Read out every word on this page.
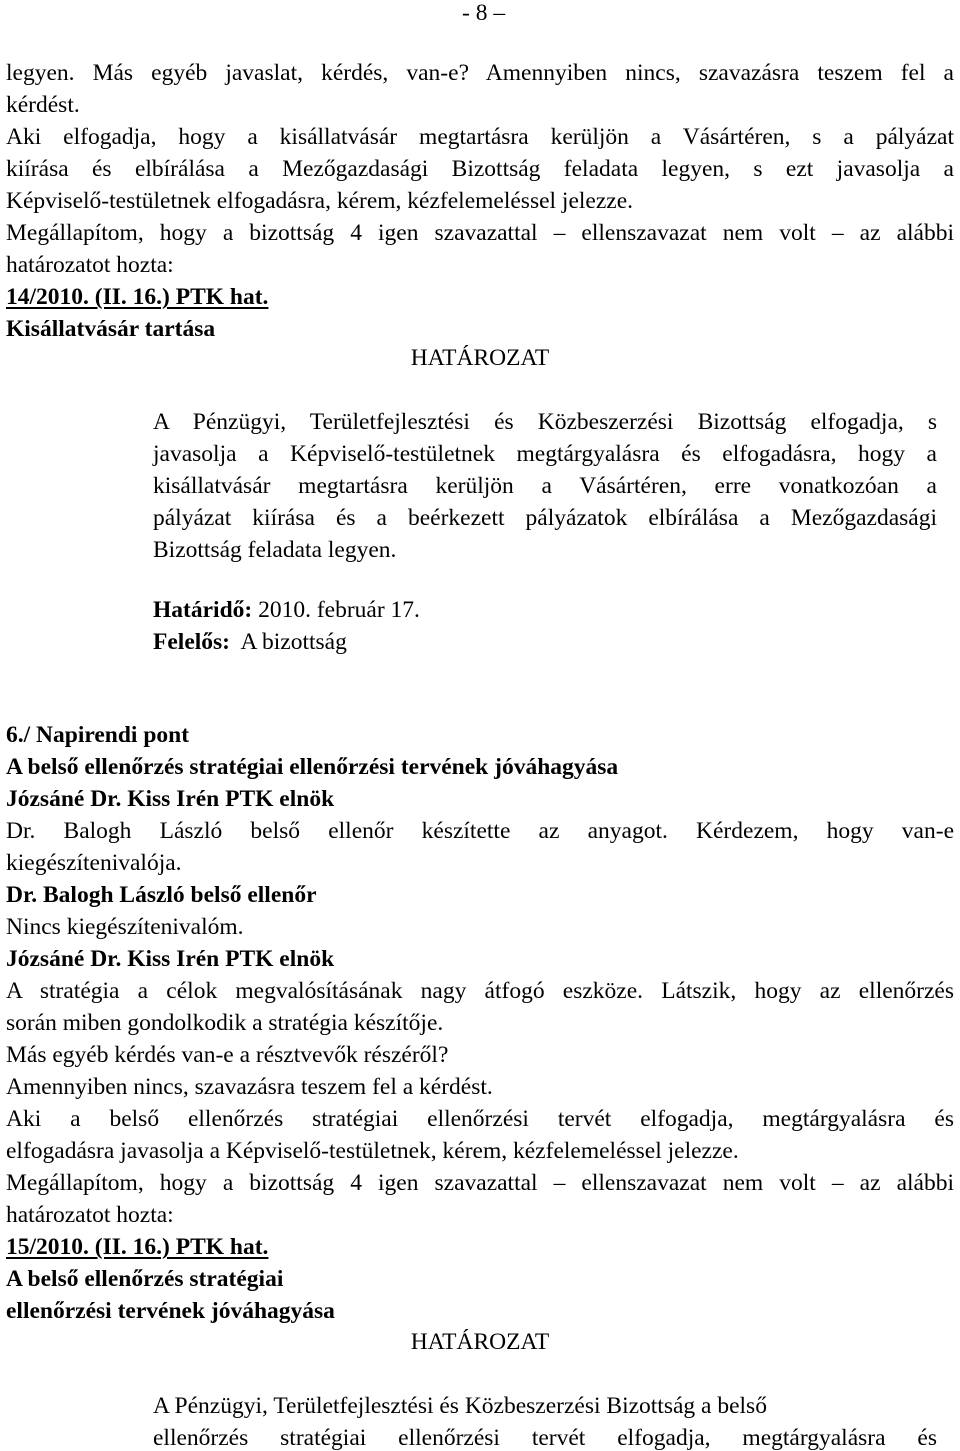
- 8 –
legyen. Más egyéb javaslat, kérdés, van-e? Amennyiben nincs, szavazásra teszem fel a
kérdést.
Aki elfogadja, hogy a kisállatvásár megtartásra kerüljön a Vásártéren, s a pályázat
kiírása és elbírálása a Mezőgazdasági Bizottság feladata legyen, s ezt javasolja a
Képviselő-testületnek elfogadásra, kérem, kézfelemeléssel jelezze.
Megállapítom, hogy a bizottság 4 igen szavazattal – ellenszavazat nem volt – az alábbi
határozatot hozta:
14/2010. (II. 16.) PTK hat.
Kisállatvásár tartása
HATÁROZAT
A Pénzügyi, Területfejlesztési és Közbeszerzési Bizottság elfogadja, s
javasolja a Képviselő-testületnek megtárgyalásra és elfogadásra, hogy a
kisállatvásár megtartásra kerüljön a Vásártéren, erre vonatkozóan a
pályázat kiírása és a beérkezett pályázatok elbírálása a Mezőgazdasági
Bizottság feladata legyen.
Határidő: 2010. február 17.
Felelős: A bizottság
6./ Napirendi pont
A belső ellenőrzés stratégiai ellenőrzési tervének jóváhagyása
Józsáné Dr. Kiss Irén PTK elnök
Dr. Balogh László belső ellenőr készítette az anyagot. Kérdezem, hogy van-e
kiegészítenivalója.
Dr. Balogh László belső ellenőr
Nincs kiegészítenivalóm.
Józsáné Dr. Kiss Irén PTK elnök
A stratégia a célok megvalósításának nagy átfogó eszköze. Látszik, hogy az ellenőrzés
során miben gondolkodik a stratégia készítője.
Más egyéb kérdés van-e a résztvevők részéről?
Amennyiben nincs, szavazásra teszem fel a kérdést.
Aki a belső ellenőrzés stratégiai ellenőrzési tervét elfogadja, megtárgyalásra és
elfogadásra javasolja a Képviselő-testületnek, kérem, kézfelemeléssel jelezze.
Megállapítom, hogy a bizottság 4 igen szavazattal – ellenszavazat nem volt – az alábbi
határozatot hozta:
15/2010. (II. 16.) PTK hat.
A belső ellenőrzés stratégiai
ellenőrzési tervének jóváhagyása
HATÁROZAT
A Pénzügyi, Területfejlesztési és Közbeszerzési Bizottság a belső
ellenőrzés stratégiai ellenőrzési tervét elfogadja, megtárgyalásra és
